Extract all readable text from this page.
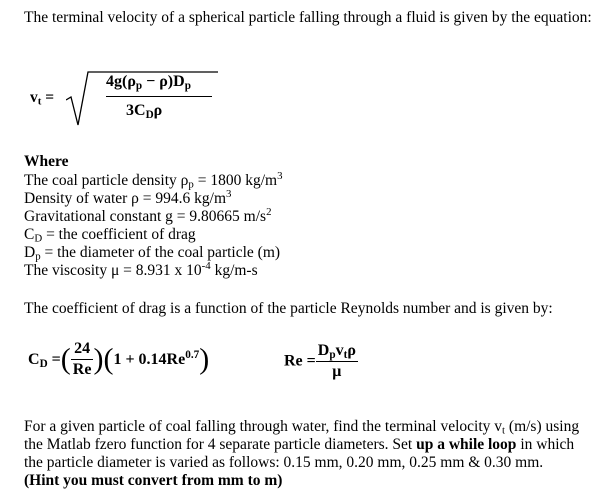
The terminal velocity of a spherical particle falling through a fluid is given by the equation:
$v_t$ =
$4g(\rho_p - \rho)D_p$
$3C_D\rho$
Where
The coal particle density $\rho_p = 1800$ $kg/m^3$
Density of water ρ = 994.6 $kg/m^3$
Gravitational constant g = 9.80665 $m/s^2$
$C_D$ = the coefficient of drag
$D_p$ = the diameter of the coal particle (m)
The viscosity μ = 8.931 x $10^{-4}$ kg/m-s
The coefficient of drag is a function of the particle Reynolds number and is given by:
$C_D$ =( $\frac{24}{Re} )(1 + 0.14Re^{0.7})$	$Re = \frac{D_pv_t\rho}{\mu}$
For a given particle of coal falling through water, find the terminal velocity $v_t$ (m/s) using the Matlab fzero function for 4 separate particle diameters. Set up a while loop in which the particle diameter is varied as follows: 0.15 mm, 0.20 mm, 0.25 mm & 0.30 mm.
(Hint you must convert from mm to m)
